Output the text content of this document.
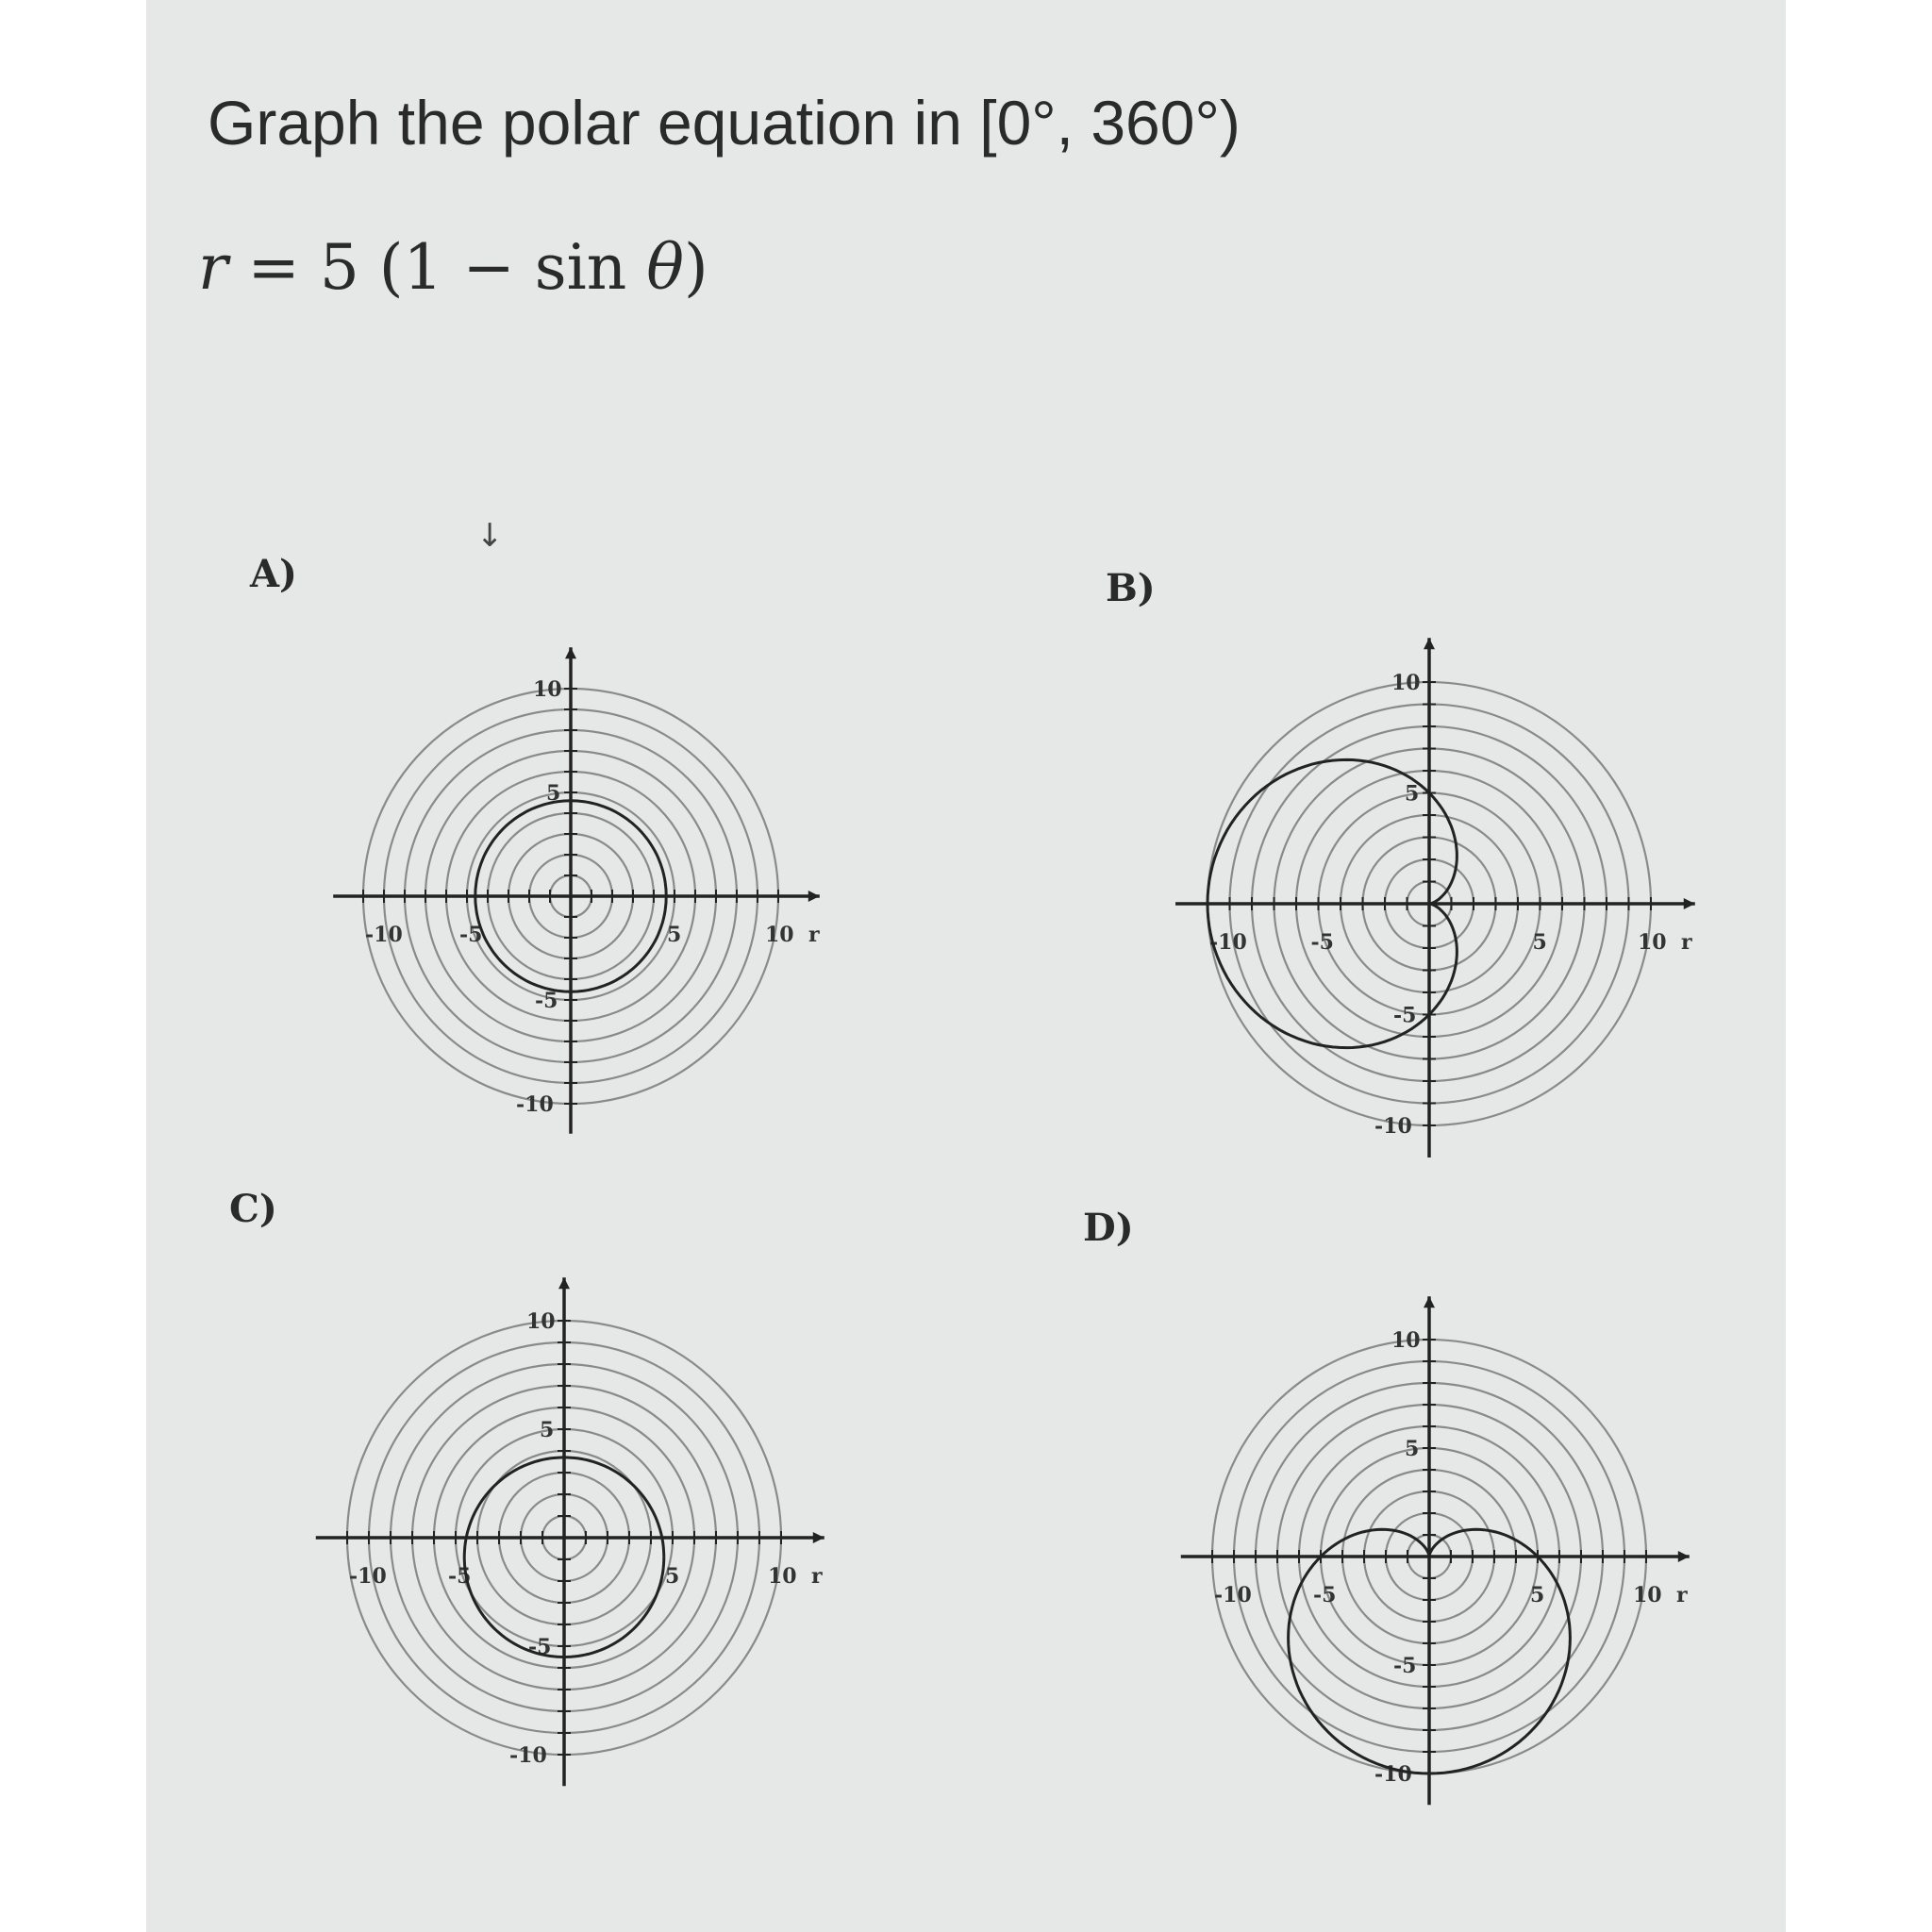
Graph the polar equation in [0°, 360°)
r = 5 (1 − sin θ)
↓
A)	B)
C)	D)
-10	-5	5	10 r
10
5
-5
-10
-10	-5	5	10 r
10
5
-5
-10
-10	-5	5	10 r
10
5
-5
-10
-10	-5	5	10 r
10
5
-5
-10
